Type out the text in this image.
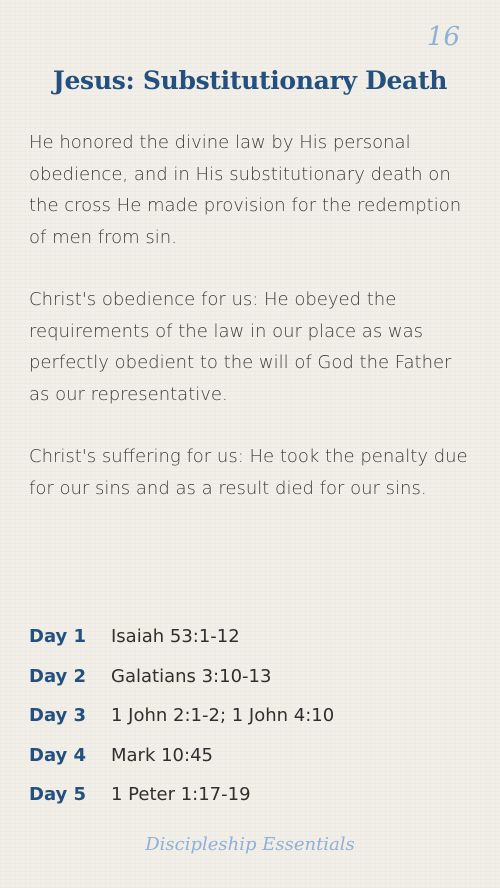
16
Jesus: Substitutionary Death
He honored the divine law by His personal obedience, and in His substitutionary death on the cross He made provision for the redemption of men from sin.
Christ's obedience for us: He obeyed the requirements of the law in our place as was perfectly obedient to the will of God the Father as our representative.
Christ's suffering for us: He took the penalty due for our sins and as a result died for our sins.
Day 1	Isaiah 53:1-12
Day 2	Galatians 3:10-13
Day 3	1 John 2:1-2; 1 John 4:10
Day 4	Mark 10:45
Day 5	1 Peter 1:17-19
Discipleship Essentials
